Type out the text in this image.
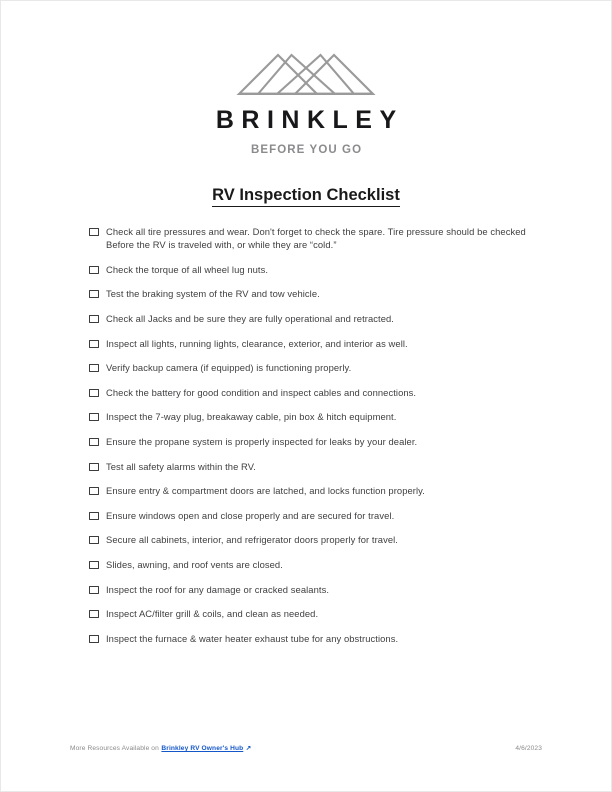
BRINKLEY
BEFORE YOU GO
RV Inspection Checklist
Check all tire pressures and wear. Don't forget to check the spare. Tire pressure should be checked Before the RV is traveled with, or while they are “cold.”
Check the torque of all wheel lug nuts.
Test the braking system of the RV and tow vehicle.
Check all Jacks and be sure they are fully operational and retracted.
Inspect all lights, running lights, clearance, exterior, and interior as well.
Verify backup camera (if equipped) is functioning properly.
Check the battery for good condition and inspect cables and connections.
Inspect the 7-way plug, breakaway cable, pin box & hitch equipment.
Ensure the propane system is properly inspected for leaks by your dealer.
Test all safety alarms within the RV.
Ensure entry & compartment doors are latched, and locks function properly.
Ensure windows open and close properly and are secured for travel.
Secure all cabinets, interior, and refrigerator doors properly for travel.
Slides, awning, and roof vents are closed.
Inspect the roof for any damage or cracked sealants.
Inspect AC/filter grill & coils, and clean as needed.
Inspect the furnace & water heater exhaust tube for any obstructions.
More Resources Available on Brinkley RV Owner's Hub ↗	4/6/2023
